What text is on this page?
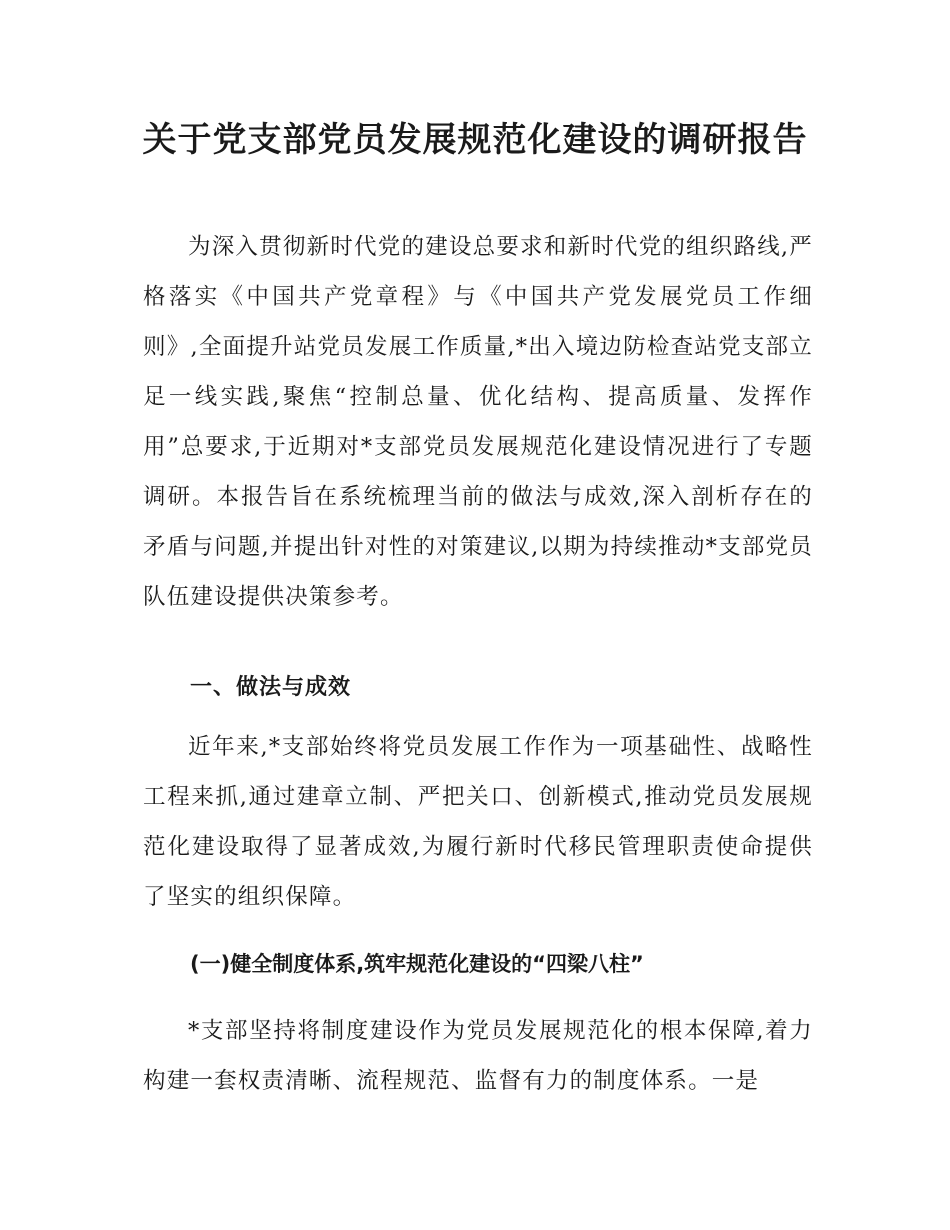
关于党支部党员发展规范化建设的调研报告

为深入贯彻新时代党的建设总要求和新时代党的组织路线,严格落实《中国共产党章程》与《中国共产党发展党员工作细则》,全面提升站党员发展工作质量,*出入境边防检查站党支部立足一线实践,聚焦“控制总量、优化结构、提高质量、发挥作用”总要求,于近期对*支部党员发展规范化建设情况进行了专题调研。本报告旨在系统梳理当前的做法与成效,深入剖析存在的矛盾与问题,并提出针对性的对策建议,以期为持续推动*支部党员队伍建设提供决策参考。

一、做法与成效

近年来,*支部始终将党员发展工作作为一项基础性、战略性工程来抓,通过建章立制、严把关口、创新模式,推动党员发展规范化建设取得了显著成效,为履行新时代移民管理职责使命提供了坚实的组织保障。

(一)健全制度体系,筑牢规范化建设的“四梁八柱”

*支部坚持将制度建设作为党员发展规范化的根本保障,着力构建一套权责清晰、流程规范、监督有力的制度体系。一是
